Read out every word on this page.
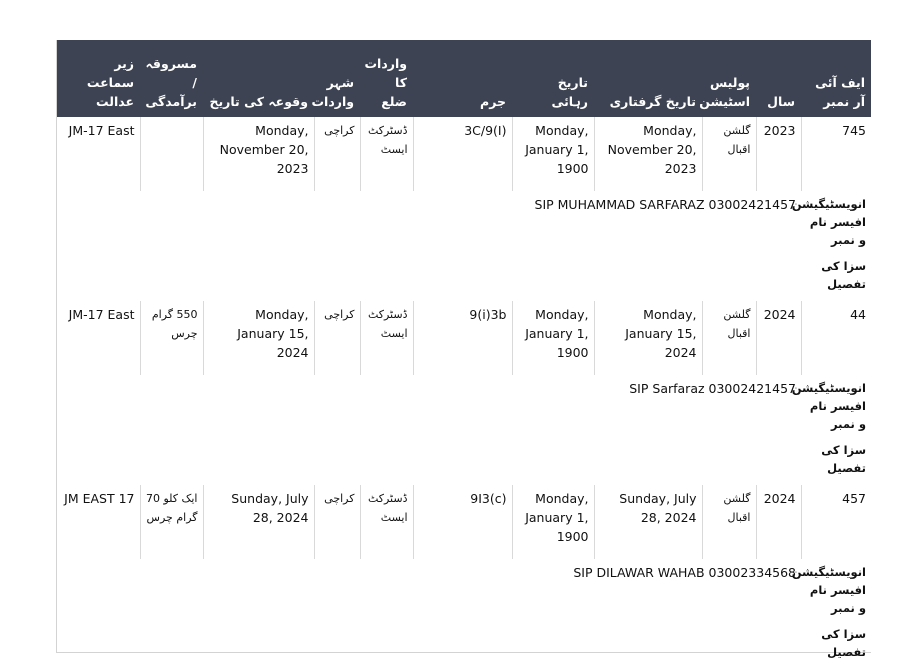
ایف آئی آر نمبر	سال	پولیس اسٹیشن	تاریخ گرفتاری	تاریخ رہائی	جرم	واردات کا ضلع	شہر واردات	وقوعہ کی تاریخ	مسروقہ / برآمدگی	زیر سماعت عدالت
745	2023	گلشن اقبال	Monday, November 20, 2023	Monday, January 1, 1900	3C/9(I)	ڈسٹرکٹ ایسٹ	کراچی	Monday, November 20, 2023		JM-17 East
انویسٹیگیشن افیسر نام و نمبر	SIP MUHAMMAD SARFARAZ 03002421457									
سزا کی تفصیل										
44	2024	گلشن اقبال	Monday, January 15, 2024	Monday, January 1, 1900	9(i)3b	ڈسٹرکٹ ایسٹ	کراچی	Monday, January 15, 2024	550 گرام چرس	JM-17 East
انویسٹیگیشن افیسر نام و نمبر	SIP Sarfaraz 03002421457									
سزا کی تفصیل										
457	2024	گلشن اقبال	Sunday, July 28, 2024	Monday, January 1, 1900	9I3(c)	ڈسٹرکٹ ایسٹ	کراچی	Sunday, July 28, 2024	ایک کلو 70 گرام چرس	JM EAST 17
انویسٹیگیشن افیسر نام و نمبر	SIP DILAWAR WAHAB 03002334568									
سزا کی تفصیل										
